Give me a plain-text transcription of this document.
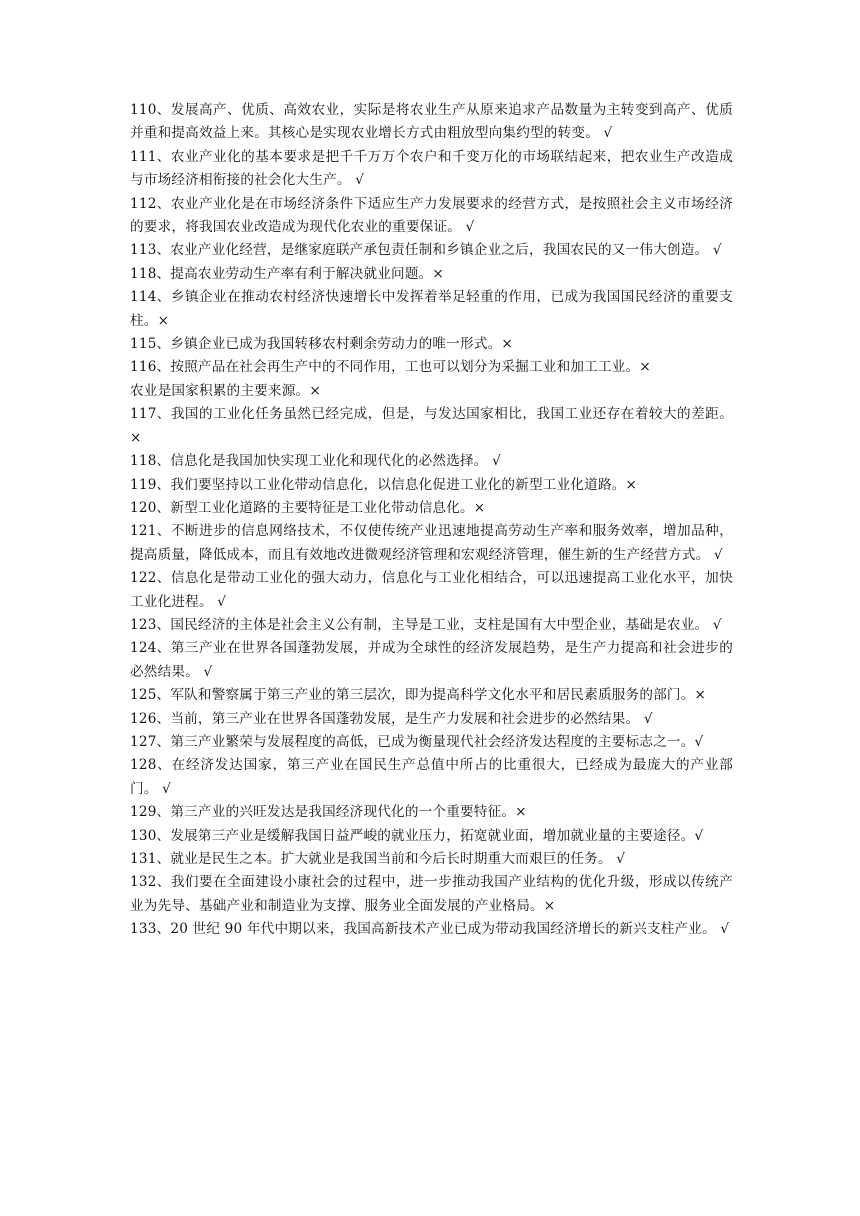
110、发展高产、优质、高效农业，实际是将农业生产从原来追求产品数量为主转变到高产、优质并重和提高效益上来。其核心是实现农业增长方式由粗放型向集约型的转变。 √

111、农业产业化的基本要求是把千千万万个农户和千变万化的市场联结起来，把农业生产改造成与市场经济相衔接的社会化大生产。 √

112、农业产业化是在市场经济条件下适应生产力发展要求的经营方式，是按照社会主义市场经济的要求，将我国农业改造成为现代化农业的重要保证。 √

113、农业产业化经营，是继家庭联产承包责任制和乡镇企业之后，我国农民的又一伟大创造。 √

118、提高农业劳动生产率有利于解决就业问题。×

114、乡镇企业在推动农村经济快速增长中发挥着举足轻重的作用，已成为我国国民经济的重要支柱。×

115、乡镇企业已成为我国转移农村剩余劳动力的唯一形式。×

116、按照产品在社会再生产中的不同作用，工也可以划分为采掘工业和加工工业。×

农业是国家积累的主要来源。×

117、我国的工业化任务虽然已经完成，但是，与发达国家相比，我国工业还存在着较大的差距。×

118、信息化是我国加快实现工业化和现代化的必然选择。 √

119、我们要坚持以工业化带动信息化，以信息化促进工业化的新型工业化道路。×

120、新型工业化道路的主要特征是工业化带动信息化。×

121、不断进步的信息网络技术，不仅使传统产业迅速地提高劳动生产率和服务效率，增加品种，提高质量，降低成本，而且有效地改进微观经济管理和宏观经济管理，催生新的生产经营方式。 √

122、信息化是带动工业化的强大动力，信息化与工业化相结合，可以迅速提高工业化水平，加快工业化进程。 √

123、国民经济的主体是社会主义公有制，主导是工业，支柱是国有大中型企业，基础是农业。 √

124、第三产业在世界各国蓬勃发展，并成为全球性的经济发展趋势，是生产力提高和社会进步的必然结果。 √

125、军队和警察属于第三产业的第三层次，即为提高科学文化水平和居民素质服务的部门。×

126、当前，第三产业在世界各国蓬勃发展，是生产力发展和社会进步的必然结果。 √

127、第三产业繁荣与发展程度的高低，已成为衡量现代社会经济发达程度的主要标志之一。√

128、在经济发达国家，第三产业在国民生产总值中所占的比重很大，已经成为最庞大的产业部门。 √

129、第三产业的兴旺发达是我国经济现代化的一个重要特征。×

130、发展第三产业是缓解我国日益严峻的就业压力，拓宽就业面，增加就业量的主要途径。√

131、就业是民生之本。扩大就业是我国当前和今后长时期重大而艰巨的任务。 √

132、我们要在全面建设小康社会的过程中，进一步推动我国产业结构的优化升级，形成以传统产业为先导、基础产业和制造业为支撑、服务业全面发展的产业格局。×

133、20 世纪 90 年代中期以来，我国高新技术产业已成为带动我国经济增长的新兴支柱产业。 √
